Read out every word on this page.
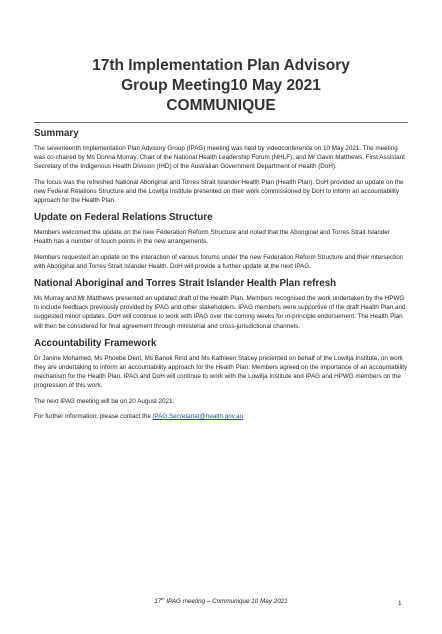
17th Implementation Plan Advisory
Group Meeting10 May 2021
COMMUNIQUE
Summary

The seventeenth Implementation Plan Advisory Group (IPAG) meeting was held by videoconference on 10 May 2021. The meeting was co-chaired by Ms Donna Murray, Chair of the National Health Leadership Forum (NHLF), and Mr Gavin Matthews, First Assistant Secretary of the Indigenous Health Division (IHD) of the Australian Government Department of Health (DoH).

The focus was the refreshed National Aboriginal and Torres Strait Islander Health Plan (Health Plan). DoH provided an update on the new Federal Relations Structure and the Lowitja Institute presented on their work commissioned by DoH to inform an accountability approach for the Health Plan.

Update on Federal Relations Structure

Members welcomed the update on the new Federation Reform Structure and noted that the Aboriginal and Torres Strait Islander Health has a number of touch points in the new arrangements.

Members requested an update on the interaction of various forums under the new Federation Reform Structure and their intersection with Aboriginal and Torres Strait Islander Health. DoH will provide a further update at the next IPAG.

National Aboriginal and Torres Strait Islander Health Plan refresh

Ms Murray and Mr Matthews presented an updated draft of the Health Plan. Members recognised the work undertaken by the HPWG to include feedback previously provided by IPAG and other stakeholders. IPAG members were supportive of the draft Health Plan and suggested minor updates. DoH will continue to work with IPAG over the coming weeks for in-principle endorsement. The Health Plan will then be considered for final agreement through ministerial and cross-jurisdictional channels.

Accountability Framework

Dr Janine Mohamed, Ms Phoebe Dent, Ms Banok Rind and Ms Kathleen Stacey presented on behalf of the Lowitja Institute, on work they are undertaking to inform an accountability approach for the Health Plan. Members agreed on the importance of an accountability mechanism for the Health Plan. IPAG and DoH will continue to work with the Lowitja Institute and IPAG and HPWG members on the progression of this work.

The next IPAG meeting will be on 20 August 2021.

For further information, please contact the IPAG.Secretariat@health.gov.au

17th IPAG meeting – Communique 10 May 2021	1
